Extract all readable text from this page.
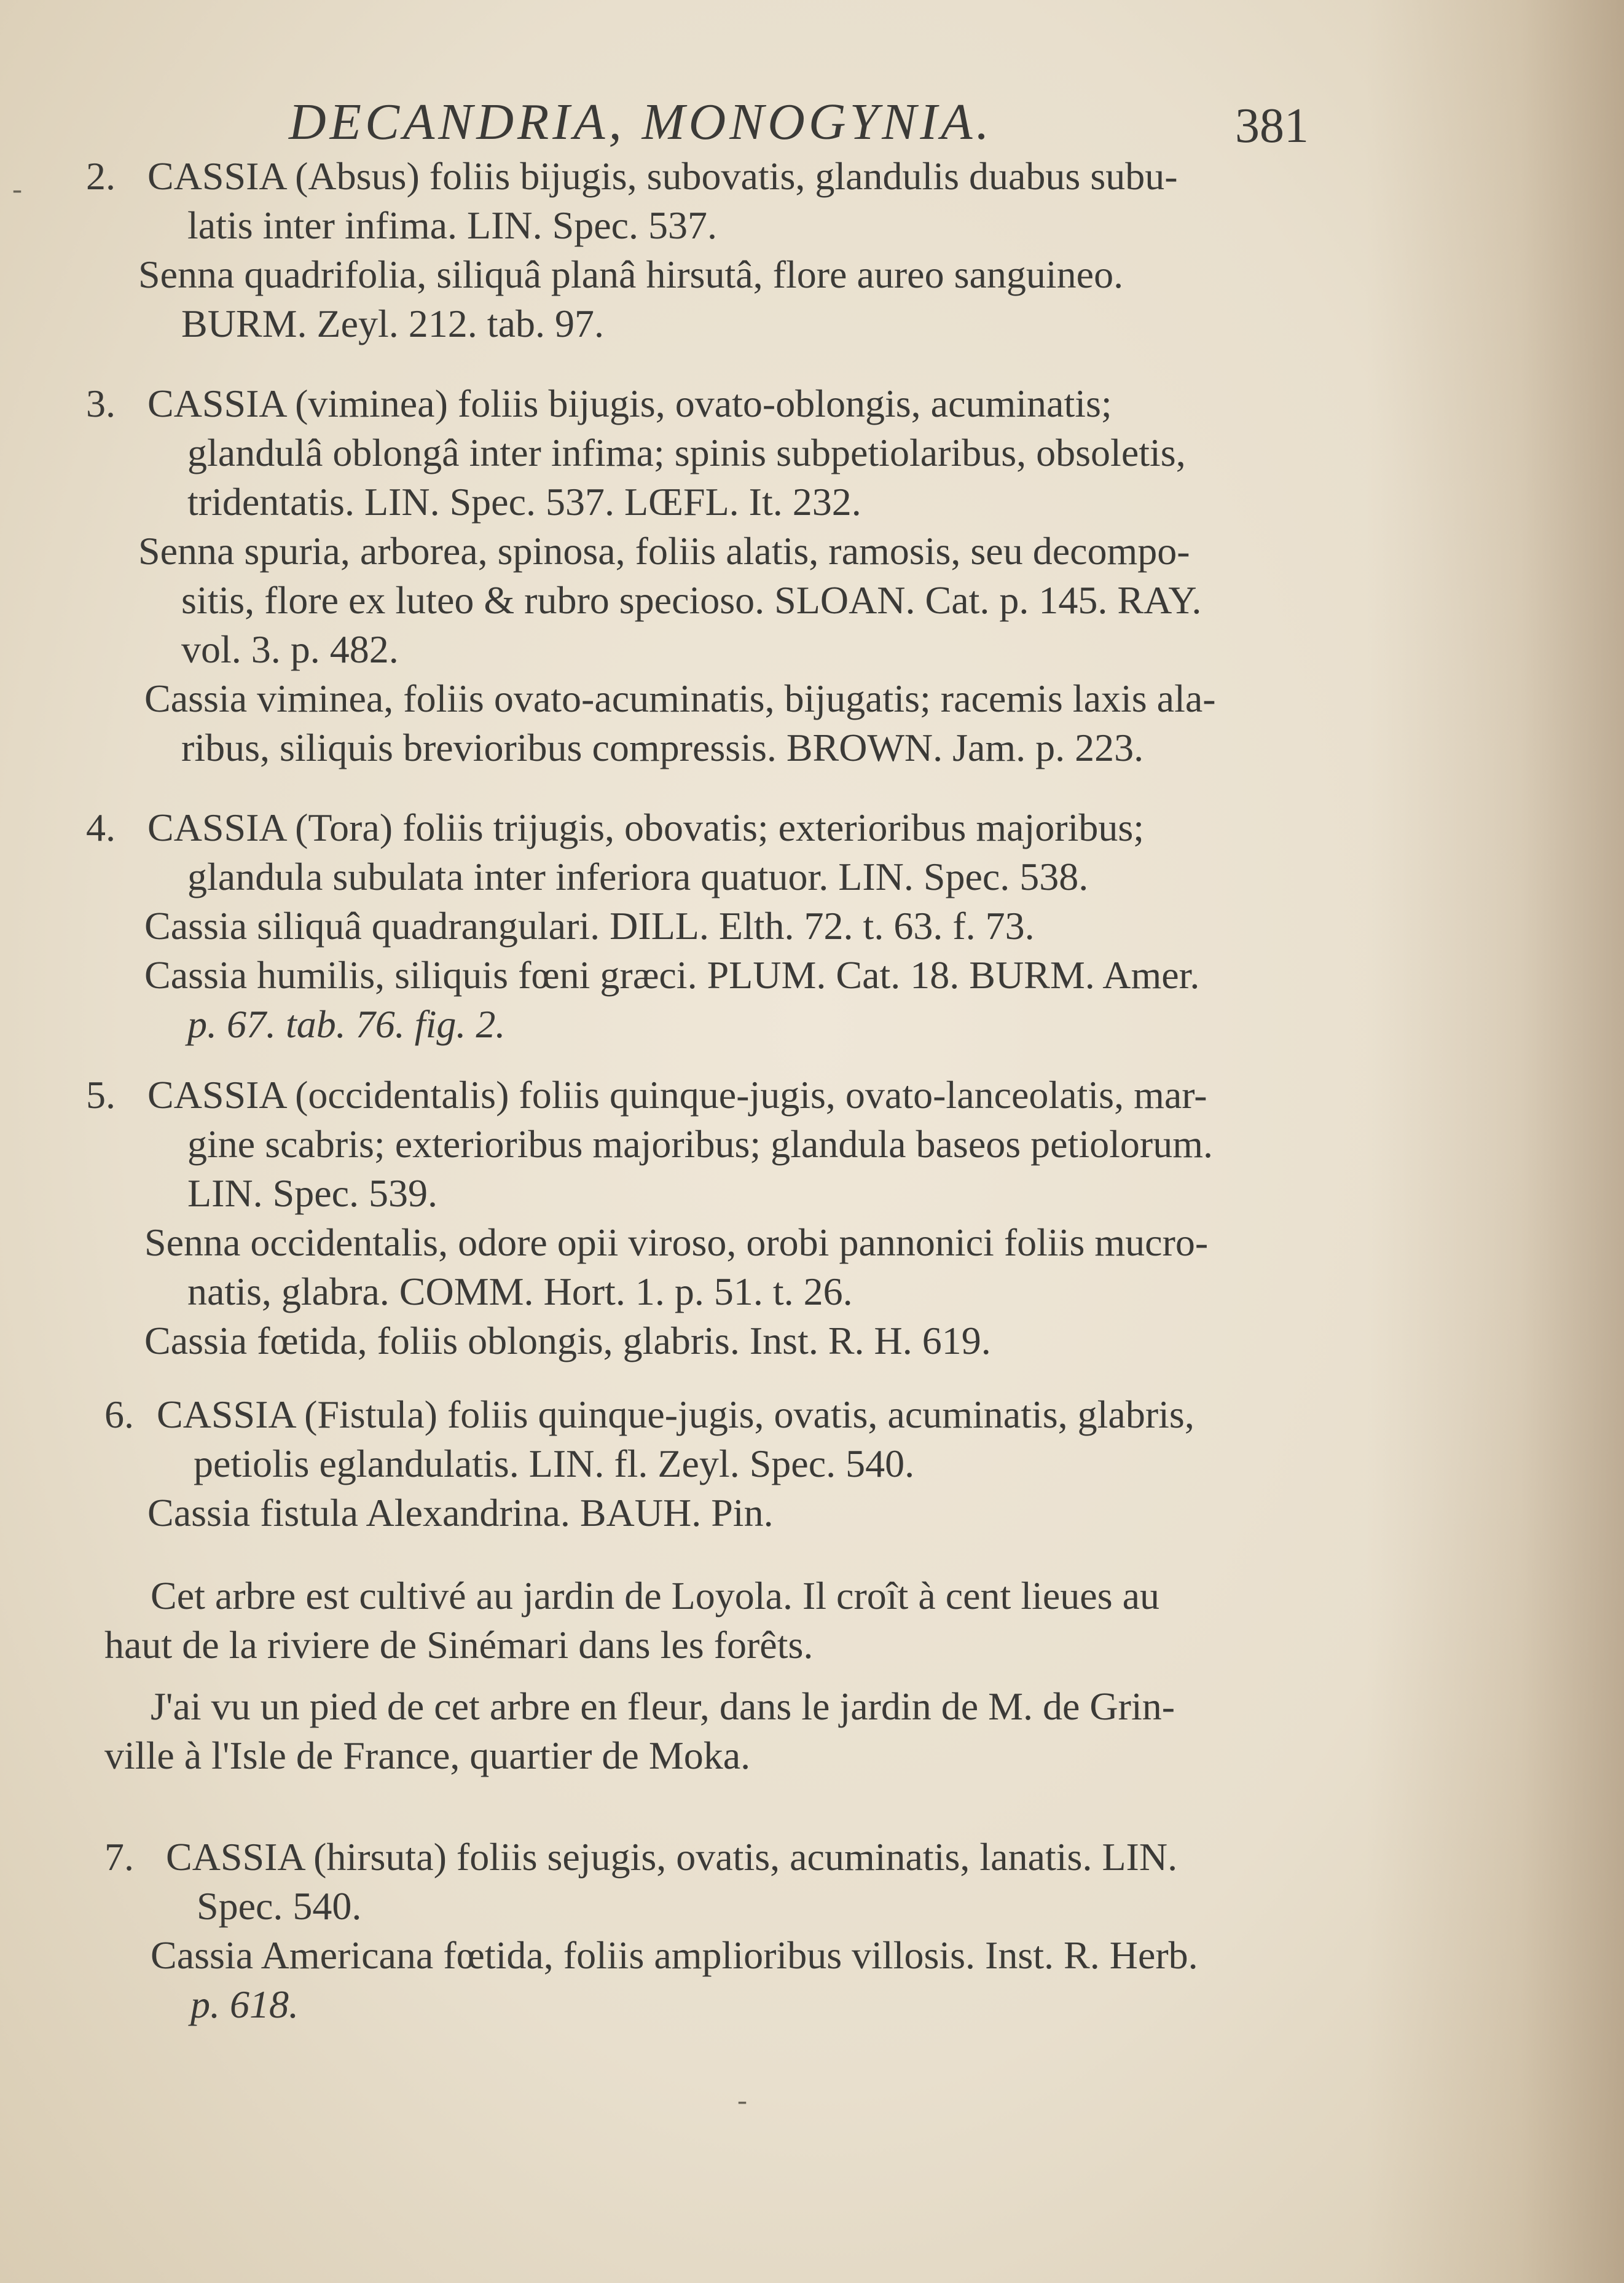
DECANDRIA, MONOGYNIA.	381
- 2. CASSIA (Absus) foliis bijugis, subovatis, glandulis duabus subu-
latis inter infima. LIN. Spec. 537.
Senna quadrifolia, siliquâ planâ hirsutâ, flore aureo sanguineo.
BURM. Zeyl. 212. tab. 97.
3. CASSIA (viminea) foliis bijugis, ovato-oblongis, acuminatis;
glandulâ oblongâ inter infima; spinis subpetiolaribus, obsoletis,
tridentatis. LIN. Spec. 537. LŒFL. It. 232.
Senna spuria, arborea, spinosa, foliis alatis, ramosis, seu decompo-
sitis, flore ex luteo & rubro specioso. SLOAN. Cat. p. 145. RAY.
vol. 3. p. 482.
Cassia viminea, foliis ovato-acuminatis, bijugatis; racemis laxis ala-
ribus, siliquis brevioribus compressis. BROWN. Jam. p. 223.
4. CASSIA (Tora) foliis trijugis, obovatis; exterioribus majoribus;
glandula subulata inter inferiora quatuor. LIN. Spec. 538.
Cassia siliquâ quadrangulari. DILL. Elth. 72. t. 63. f. 73.
Cassia humilis, siliquis fœni græci. PLUM. Cat. 18. BURM. Amer.
p. 67. tab. 76. fig. 2.
5. CASSIA (occidentalis) foliis quinque-jugis, ovato-lanceolatis, mar-
gine scabris; exterioribus majoribus; glandula baseos petiolorum.
LIN. Spec. 539.
Senna occidentalis, odore opii viroso, orobi pannonici foliis mucro-
natis, glabra. COMM. Hort. 1. p. 51. t. 26.
Cassia fœtida, foliis oblongis, glabris. Inst. R. H. 619.
6. CASSIA (Fistula) foliis quinque-jugis, ovatis, acuminatis, glabris,
petiolis eglandulatis. LIN. fl. Zeyl. Spec. 540.
Cassia fistula Alexandrina. BAUH. Pin.
Cet arbre est cultivé au jardin de Loyola. Il croît à cent lieues au
haut de la riviere de Sinémari dans les forêts.
J'ai vu un pied de cet arbre en fleur, dans le jardin de M. de Grin-
ville à l'Isle de France, quartier de Moka.
7. CASSIA (hirsuta) foliis sejugis, ovatis, acuminatis, lanatis. LIN.
Spec. 540.
Cassia Americana fœtida, foliis amplioribus villosis. Inst. R. Herb.
p. 618.
‑
